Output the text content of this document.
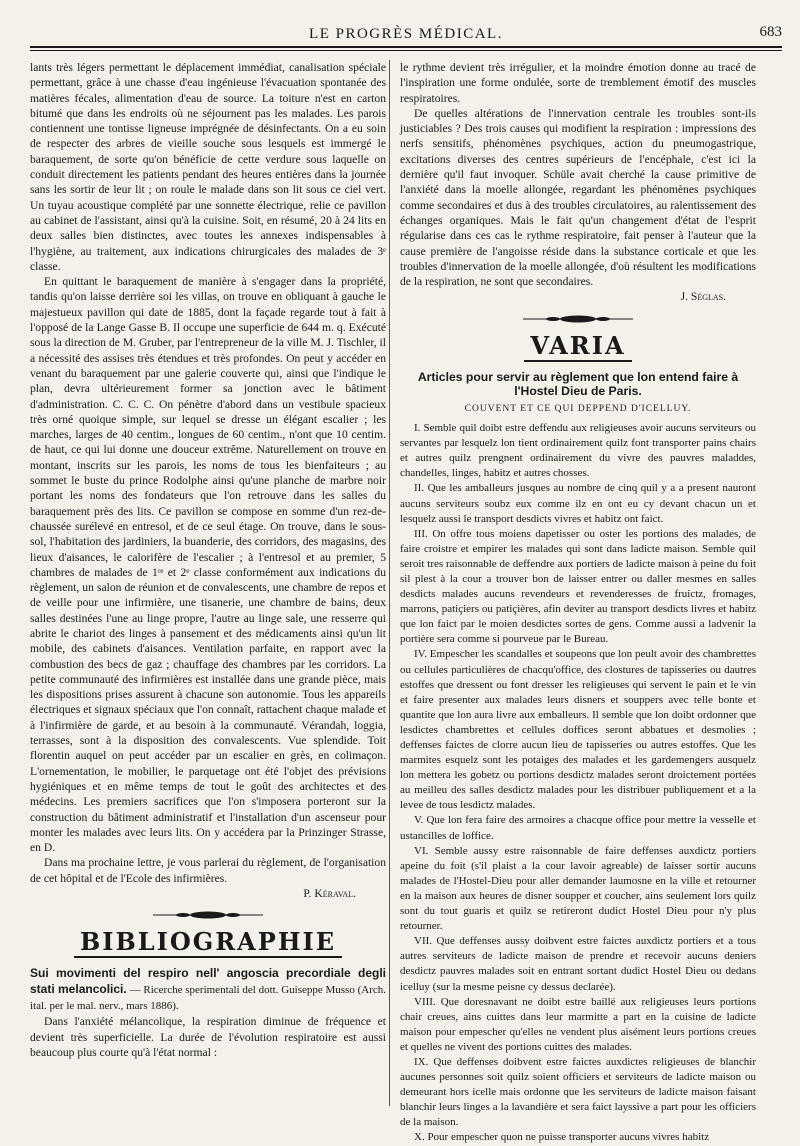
LE PROGRÈS MÉDICAL.	683

lants très légers permettant le déplacement immédiat, canalisation spéciale permettant, grâce à une chasse d'eau ingénieuse l'évacuation spontanée des matières fécales, alimentation d'eau de source. La toiture n'est en carton bitumé que dans les endroits où ne séjournent pas les malades. Les parois contiennent une tontisse ligneuse imprégnée de désinfectants. On a eu soin de respecter des arbres de vieille souche sous lesquels est immergé le baraquement, de sorte qu'on bénéficie de cette verdure sous laquelle on conduit directement les patients pendant des heures entières dans la journée sans les sortir de leur lit ; on roule le malade dans son lit sous ce ciel vert. Un tuyau acoustique complété par une sonnette électrique, relie ce pavillon au cabinet de l'assistant, ainsi qu'à la cuisine. Soit, en résumé, 20 à 24 lits en deux salles bien distinctes, avec toutes les annexes indispensables à l'hygiène, au traitement, aux indications chirurgicales des malades de 3ᵉ classe.

En quittant le baraquement de manière à s'engager dans la propriété, tandis qu'on laisse derrière soi les villas, on trouve en obliquant à gauche le majestueux pavillon qui date de 1885, dont la façade regarde tout à fait à l'opposé de la Lange Gasse B. Il occupe une superficie de 644 m. q. Exécuté sous la direction de M. Gruber, par l'entrepreneur de la ville M. J. Tischler, il a nécessité des assises très étendues et très profondes. On peut y accéder en venant du baraquement par une galerie couverte qui, ainsi que l'indique le plan, devra ultérieurement former sa jonction avec le bâtiment d'administration. C. C. C. On pénètre d'abord dans un vestibule spacieux très orné quoique simple, sur lequel se dresse un élégant escalier ; les marches, larges de 40 centim., longues de 60 centim., n'ont que 10 centim. de haut, ce qui lui donne une douceur extrême. Naturellement on trouve en montant, inscrits sur les parois, les noms de tous les bienfaiteurs ; au sommet le buste du prince Rodolphe ainsi qu'une planche de marbre noir portant les noms des fondateurs que l'on retrouve dans les salles du baraquement près des lits. Ce pavillon se compose en somme d'un rez-de-chaussée surélevé en entresol, et de ce seul étage. On trouve, dans le sous-sol, l'habitation des jardiniers, la buanderie, des corridors, des magasins, des lieux d'aisances, le calorifère de l'escalier ; à l'entresol et au premier, 5 chambres de malades de 1ʳᵉ et 2ᵉ classe conformément aux indications du règlement, un salon de réunion et de convalescents, une chambre de repos et de veille pour une infirmière, une tisanerie, une chambre de bains, deux salles destinées l'une au linge propre, l'autre au linge sale, une resserre qui abrite le chariot des linges à pansement et des médicaments ainsi qu'un lit mobile, des cabinets d'aisances. Ventilation parfaite, en rapport avec la combustion des becs de gaz ; chauffage des chambres par les corridors. La petite communauté des infirmières est installée dans une grande pièce, mais les dispositions prises assurent à chacune son autonomie. Tous les appareils électriques et signaux spéciaux que l'on connaît, rattachent chaque malade et à l'infirmière de garde, et au besoin à la communauté. Vérandah, loggia, terrasses, sont à la disposition des convalescents. Vue splendide. Toit florentin auquel on peut accéder par un escalier en grès, en colimaçon. L'ornementation, le mobilier, le parquetage ont été l'objet des prévisions hygiéniques et en même temps de tout le goût des architectes et des médecins. Les premiers sacrifices que l'on s'imposera porteront sur la construction du bâtiment administratif et l'installation d'un ascenseur pour monter les malades avec leurs lits. On y accédera par la Prinzinger Strasse, en D.

Dans ma prochaine lettre, je vous parlerai du règlement, de l'organisation de cet hôpital et de l'Ecole des infirmières.

P. Kéraval.

BIBLIOGRAPHIE

Sui movimenti del respiro nell' angoscia precordiale degli stati melancolici. — Ricerche sperimentali del dott. Guiseppe Musso (Arch. ital. per le mal. nerv., mars 1886).

Dans l'anxiété mélancolique, la respiration diminue de fréquence et devient très superficielle. La durée de l'évolution respiratoire est aussi beaucoup plus courte qu'à l'état normal :

le rythme devient très irrégulier, et la moindre émotion donne au tracé de l'inspiration une forme ondulée, sorte de tremblement émotif des muscles respiratoires.

De quelles altérations de l'innervation centrale les troubles sont-ils justiciables ? Des trois causes qui modifient la respiration : impressions des nerfs sensitifs, phénomènes psychiques, action du pneumogastrique, excitations diverses des centres supérieurs de l'encéphale, c'est ici la dernière qu'il faut invoquer. Schüle avait cherché la cause primitive de l'anxiété dans la moelle allongée, regardant les phénomènes psychiques comme secondaires et dus à des troubles circulatoires, au ralentissement des échanges organiques. Mais le fait qu'un changement d'état de l'esprit régularise dans ces cas le rythme respiratoire, fait penser à l'auteur que la cause première de l'angoisse réside dans la substance corticale et que les troubles d'innervation de la moelle allongée, d'où résultent les modifications de la respiration, ne sont que secondaires.

J. Séglas.

VARIA
Articles pour servir au règlement que lon entend faire à l'Hostel Dieu de Paris.
COUVENT ET CE QUI DEPPEND D'ICELLUY.

I. Semble quil doibt estre deffendu aux religieuses avoir aucuns serviteurs ou servantes par lesquelz lon tient ordinairement quilz font transporter pains chairs et autres quilz prengnent ordinairement du vivre des pauvres maladdes, chandelles, linges, habitz et autres chosses.

II. Que les amballeurs jusques au nombre de cinq quil y a a present nauront aucuns serviteurs soubz eux comme ilz en ont eu cy devant chacun un et lesquelz aussi le transport desdicts vivres et habitz ont faict.

III. On offre tous moiens dapetisser ou oster les portions des malades, de faire croistre et empirer les malades qui sont dans ladicte maison. Semble quil seroit tres raisonnable de deffendre aux portiers de ladicte maison à peine du foit sil plest à la cour a trouver bon de laisser entrer ou daller mesmes en salles desdicts malades aucuns revendeurs et revenderesses de fruictz, fromages, marrons, patiçiers ou patiçières, afin deviter au transport desdicts livres et habitz que lon faict par le moien desdictes sortes de gens. Comme aussi a ladvenir la portière sera comme si pourveue par le Bureau.

IV. Empescher les scandalles et soupeons que lon peult avoir des chambrettes ou cellules particulières de chacqu'office, des clostures de tapisseries ou dautres estoffes que dressent ou font dresser les religieuses qui servent le pain et le vin et faire presenter aux malades leurs disners et souppers avec telle bonte et quantite que lon aura livre aux emballeurs. Il semble que lon doibt ordonner que lesdictes chambrettes et cellules doffices seront abbatues et desmolies ; deffenses faictes de clorre aucun lieu de tapisseries ou autres estoffes. Que les marmites esquelz sont les potaiges des malades et les gardemengers ausquelz lon mettera les gobetz ou portions desdictz malades seront droictement portées au meilleu des salles desdictz malades pour les distribuer publiquement et a la levee de tous lesdictz malades.

V. Que lon fera faire des armoires a chacque office pour mettre la vesselle et ustancilles de loffice.

VI. Semble aussy estre raisonnable de faire deffenses auxdictz portiers apeine du foit (s'il plaist a la cour lavoir agreable) de laisser sortir aucuns malades de l'Hostel-Dieu pour aller demander laumosne en la ville et retourner en la maison aux heures de disner soupper et coucher, ains seulement lors quilz sont du tout guaris et quilz se retireront dudict Hostel Dieu pour n'y plus retourner.

VII. Que deffenses aussy doibvent estre faictes auxdictz portiers et a tous autres serviteurs de ladicte maison de prendre et recevoir aucuns deniers desdictz pauvres malades soit en entrant sortant dudict Hostel Dieu ou dedans icelluy (sur la mesme peisne cy dessus declarée).

VIII. Que doresnavant ne doibt estre baillé aux religieuses leurs portions chair creues, ains cuittes dans leur marmitte a part en la cuisine de ladicte maison pour empescher qu'elles ne vendent plus aisément leurs portions creues et quelles ne vivent des portions cuittes des malades.

IX. Que deffenses doibvent estre faictes auxdictes religieuses de blanchir aucunes personnes soit quilz soient officiers et serviteurs de ladicte maison ou demeurant hors icelle mais ordonne que les serviteurs de ladicte maison faisant blanchir leurs linges a la lavandière et sera faict layssive a part pour les officiers de la maison.

X. Pour empescher quon ne puisse transporter aucuns vivres habitz
